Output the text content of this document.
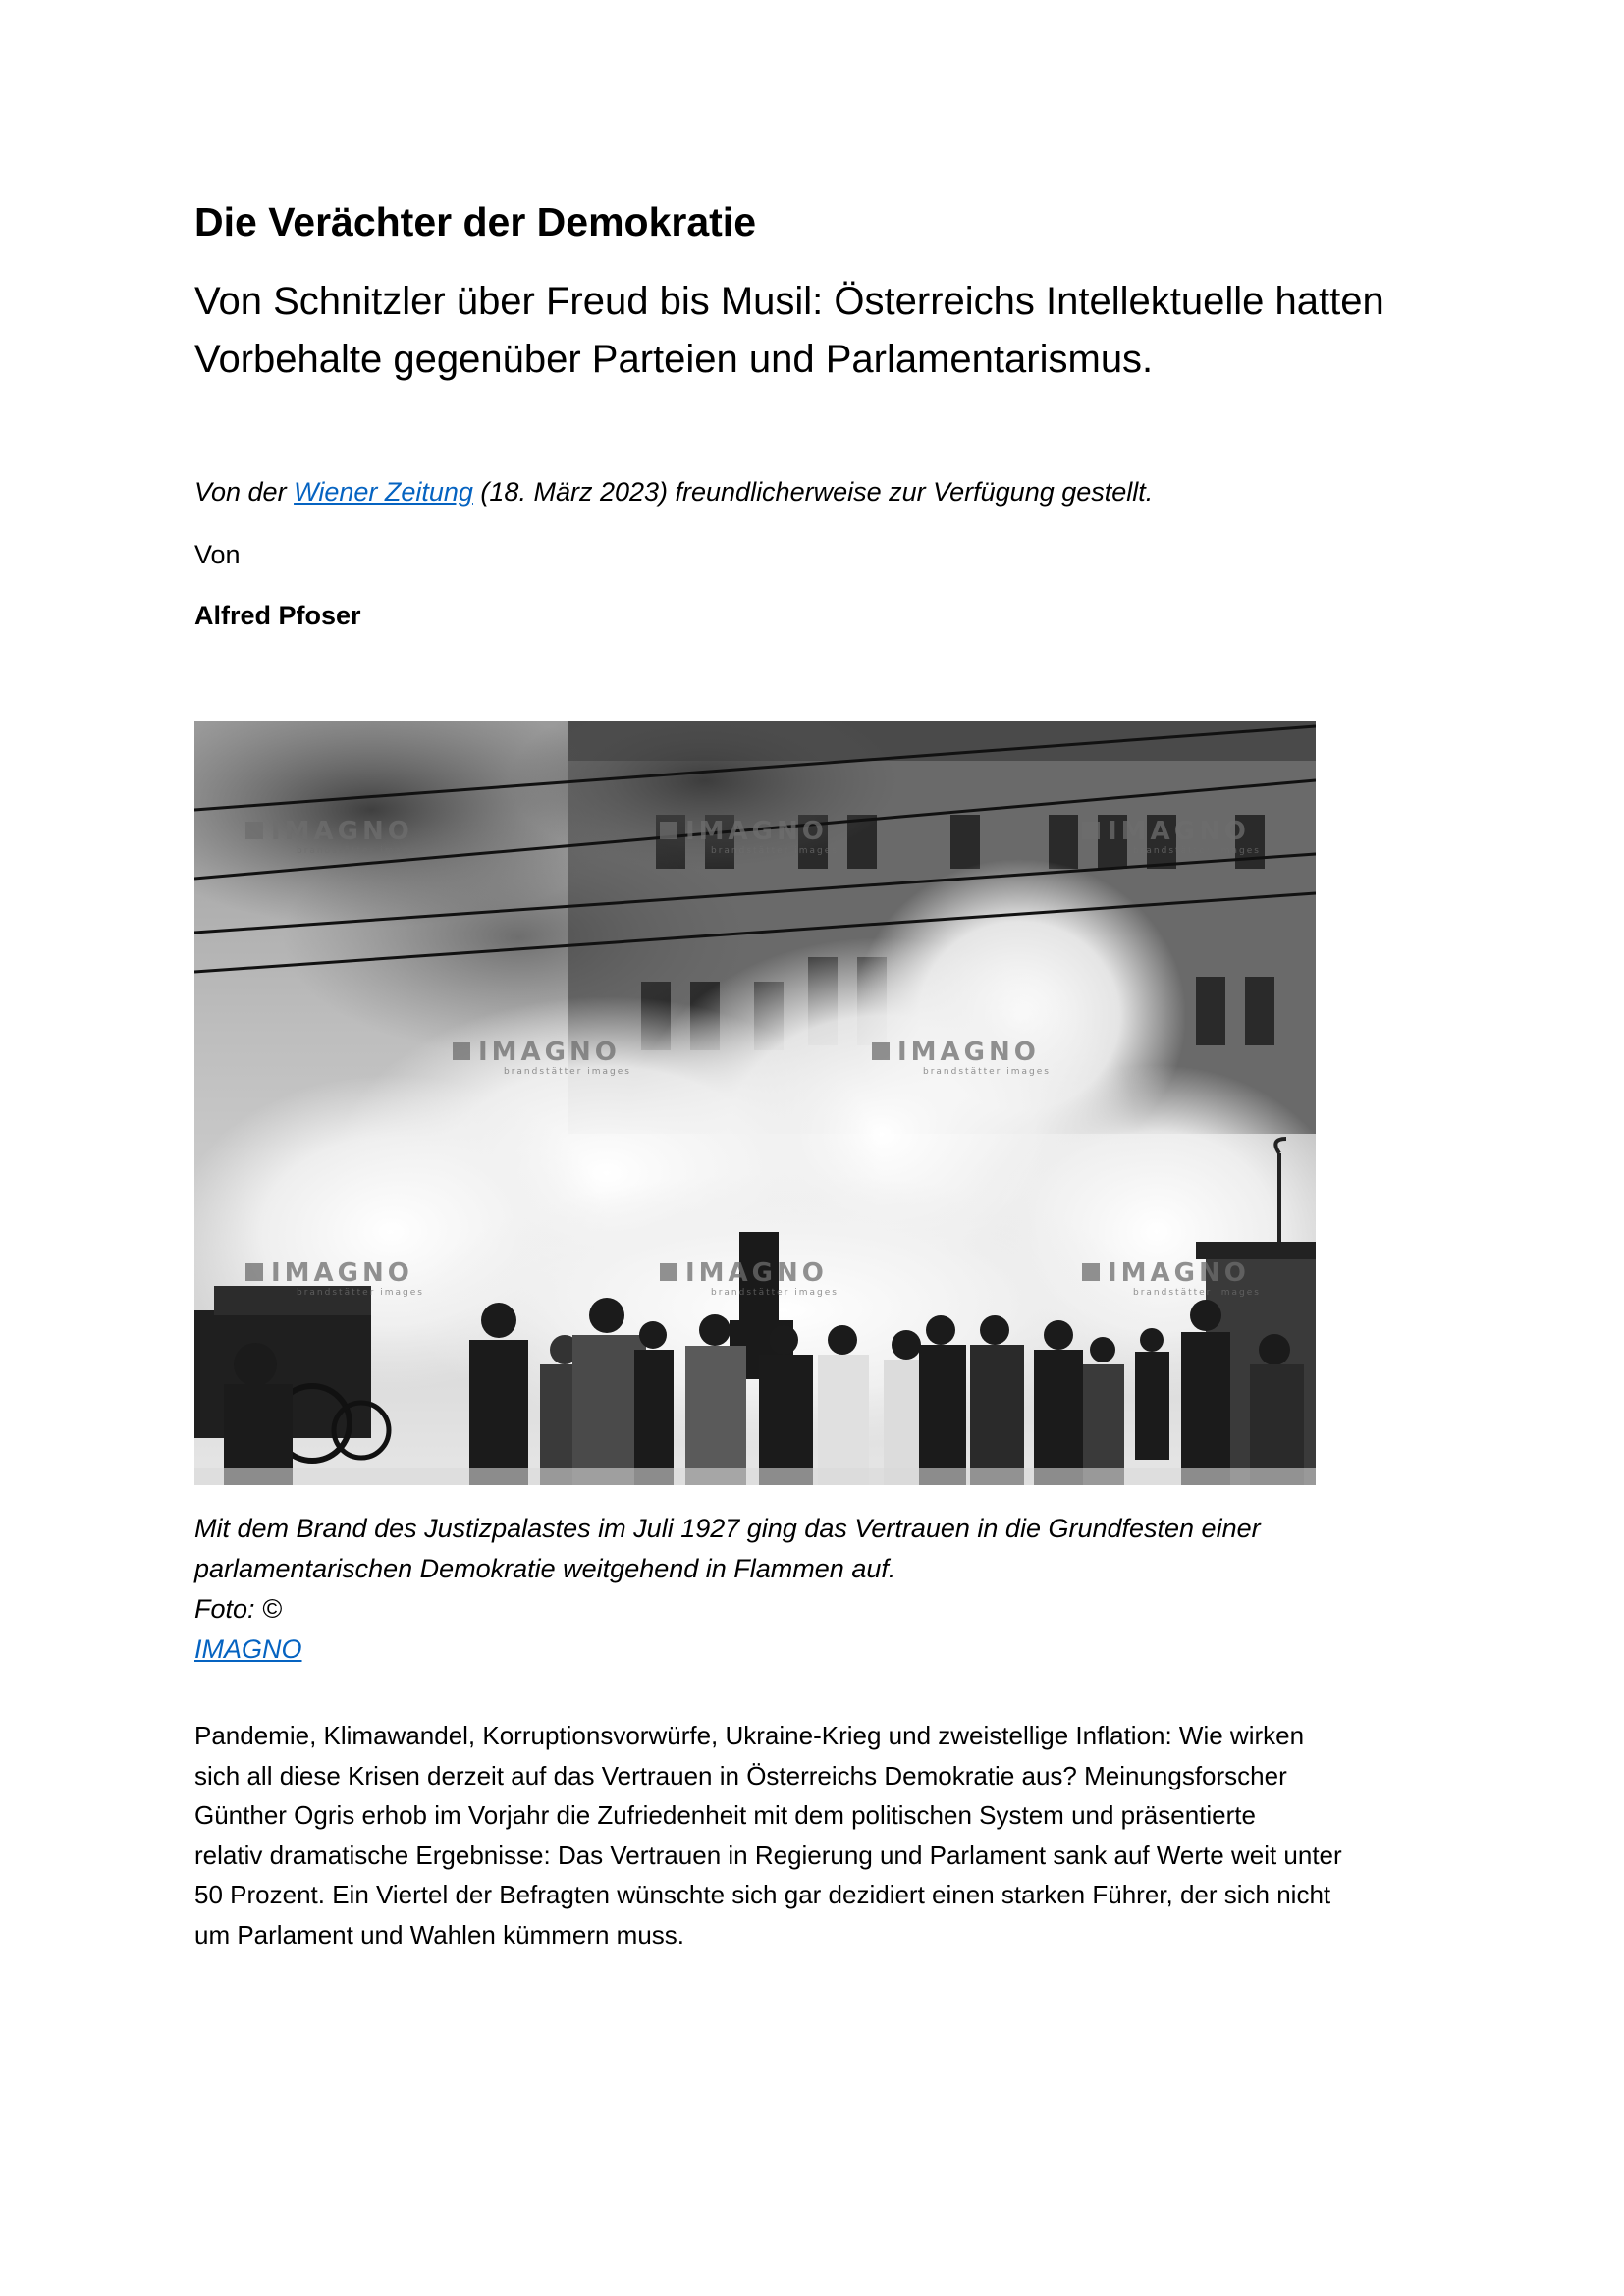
Die Verächter der Demokratie
Von Schnitzler über Freud bis Musil: Österreichs Intellektuelle hatten Vorbehalte gegenüber Parteien und Parlamentarismus.

Von der Wiener Zeitung (18. März 2023) freundlicherweise zur Verfügung gestellt.

Von

Alfred Pfoser

IMAGNO
brandstätter images
IMAGNO
brandstätter images
IMAGNO
brandstätter images
IMAGNO
brandstätter images
IMAGNO
brandstätter images
IMAGNO
brandstätter images
IMAGNO
brandstätter images
IMAGNO
brandstätter images

Mit dem Brand des Justizpalastes im Juli 1927 ging das Vertrauen in die Grundfesten einer
parlamentarischen Demokratie weitgehend in Flammen auf.
Foto: ©
IMAGNO

Pandemie, Klimawandel, Korruptionsvorwürfe, Ukraine-Krieg und zweistellige Inflation: Wie wirken
sich all diese Krisen derzeit auf das Vertrauen in Österreichs Demokratie aus? Meinungsforscher
Günther Ogris erhob im Vorjahr die Zufriedenheit mit dem politischen System und präsentierte
relativ dramatische Ergebnisse: Das Vertrauen in Regierung und Parlament sank auf Werte weit unter
50 Prozent. Ein Viertel der Befragten wünschte sich gar dezidiert einen starken Führer, der sich nicht
um Parlament und Wahlen kümmern muss.
